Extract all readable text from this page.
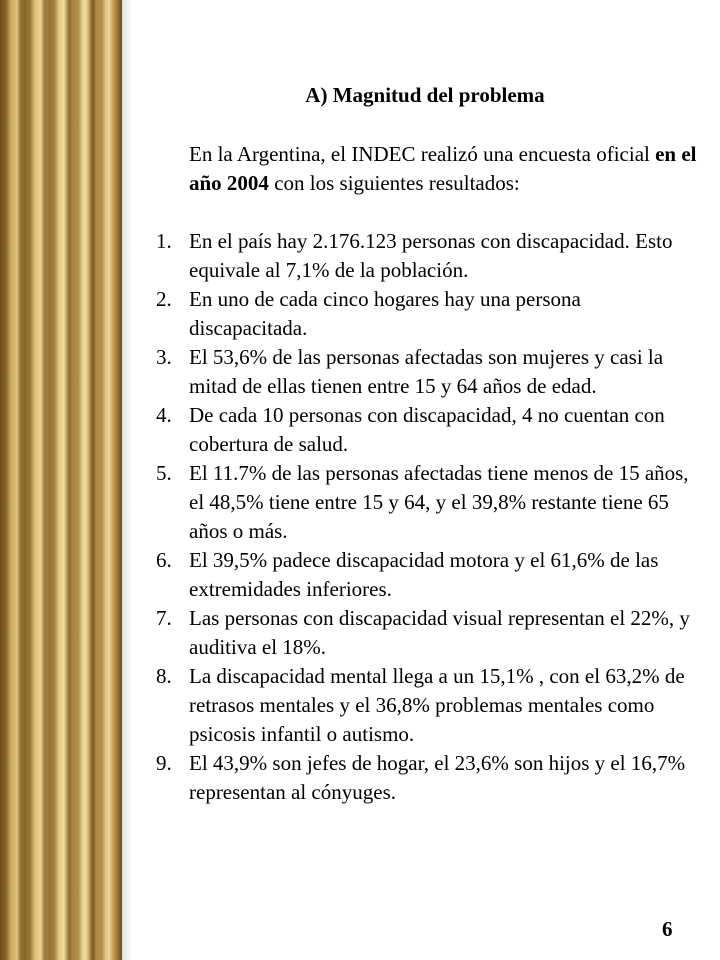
A) Magnitud del problema
En la Argentina, el INDEC realizó una encuesta oficial en el año 2004 con los siguientes resultados:
1. En el país hay 2.176.123 personas con discapacidad. Esto equivale al 7,1% de la población.
2. En uno de cada cinco hogares hay una persona discapacitada.
3. El 53,6% de las personas afectadas son mujeres y casi la mitad de ellas tienen entre 15 y 64 años de edad.
4. De cada 10 personas con discapacidad, 4 no cuentan con cobertura de salud.
5. El 11.7% de las personas afectadas tiene menos de 15 años, el 48,5% tiene entre 15 y 64, y el 39,8% restante tiene 65 años o más.
6. El 39,5% padece discapacidad motora y el 61,6% de las extremidades inferiores.
7. Las personas con discapacidad visual representan el 22%, y auditiva el 18%.
8. La discapacidad mental llega a un 15,1% , con el 63,2% de retrasos mentales y el 36,8% problemas mentales como psicosis infantil o autismo.
9. El 43,9% son jefes de hogar, el 23,6% son hijos y el 16,7% representan al cónyuges.
6
